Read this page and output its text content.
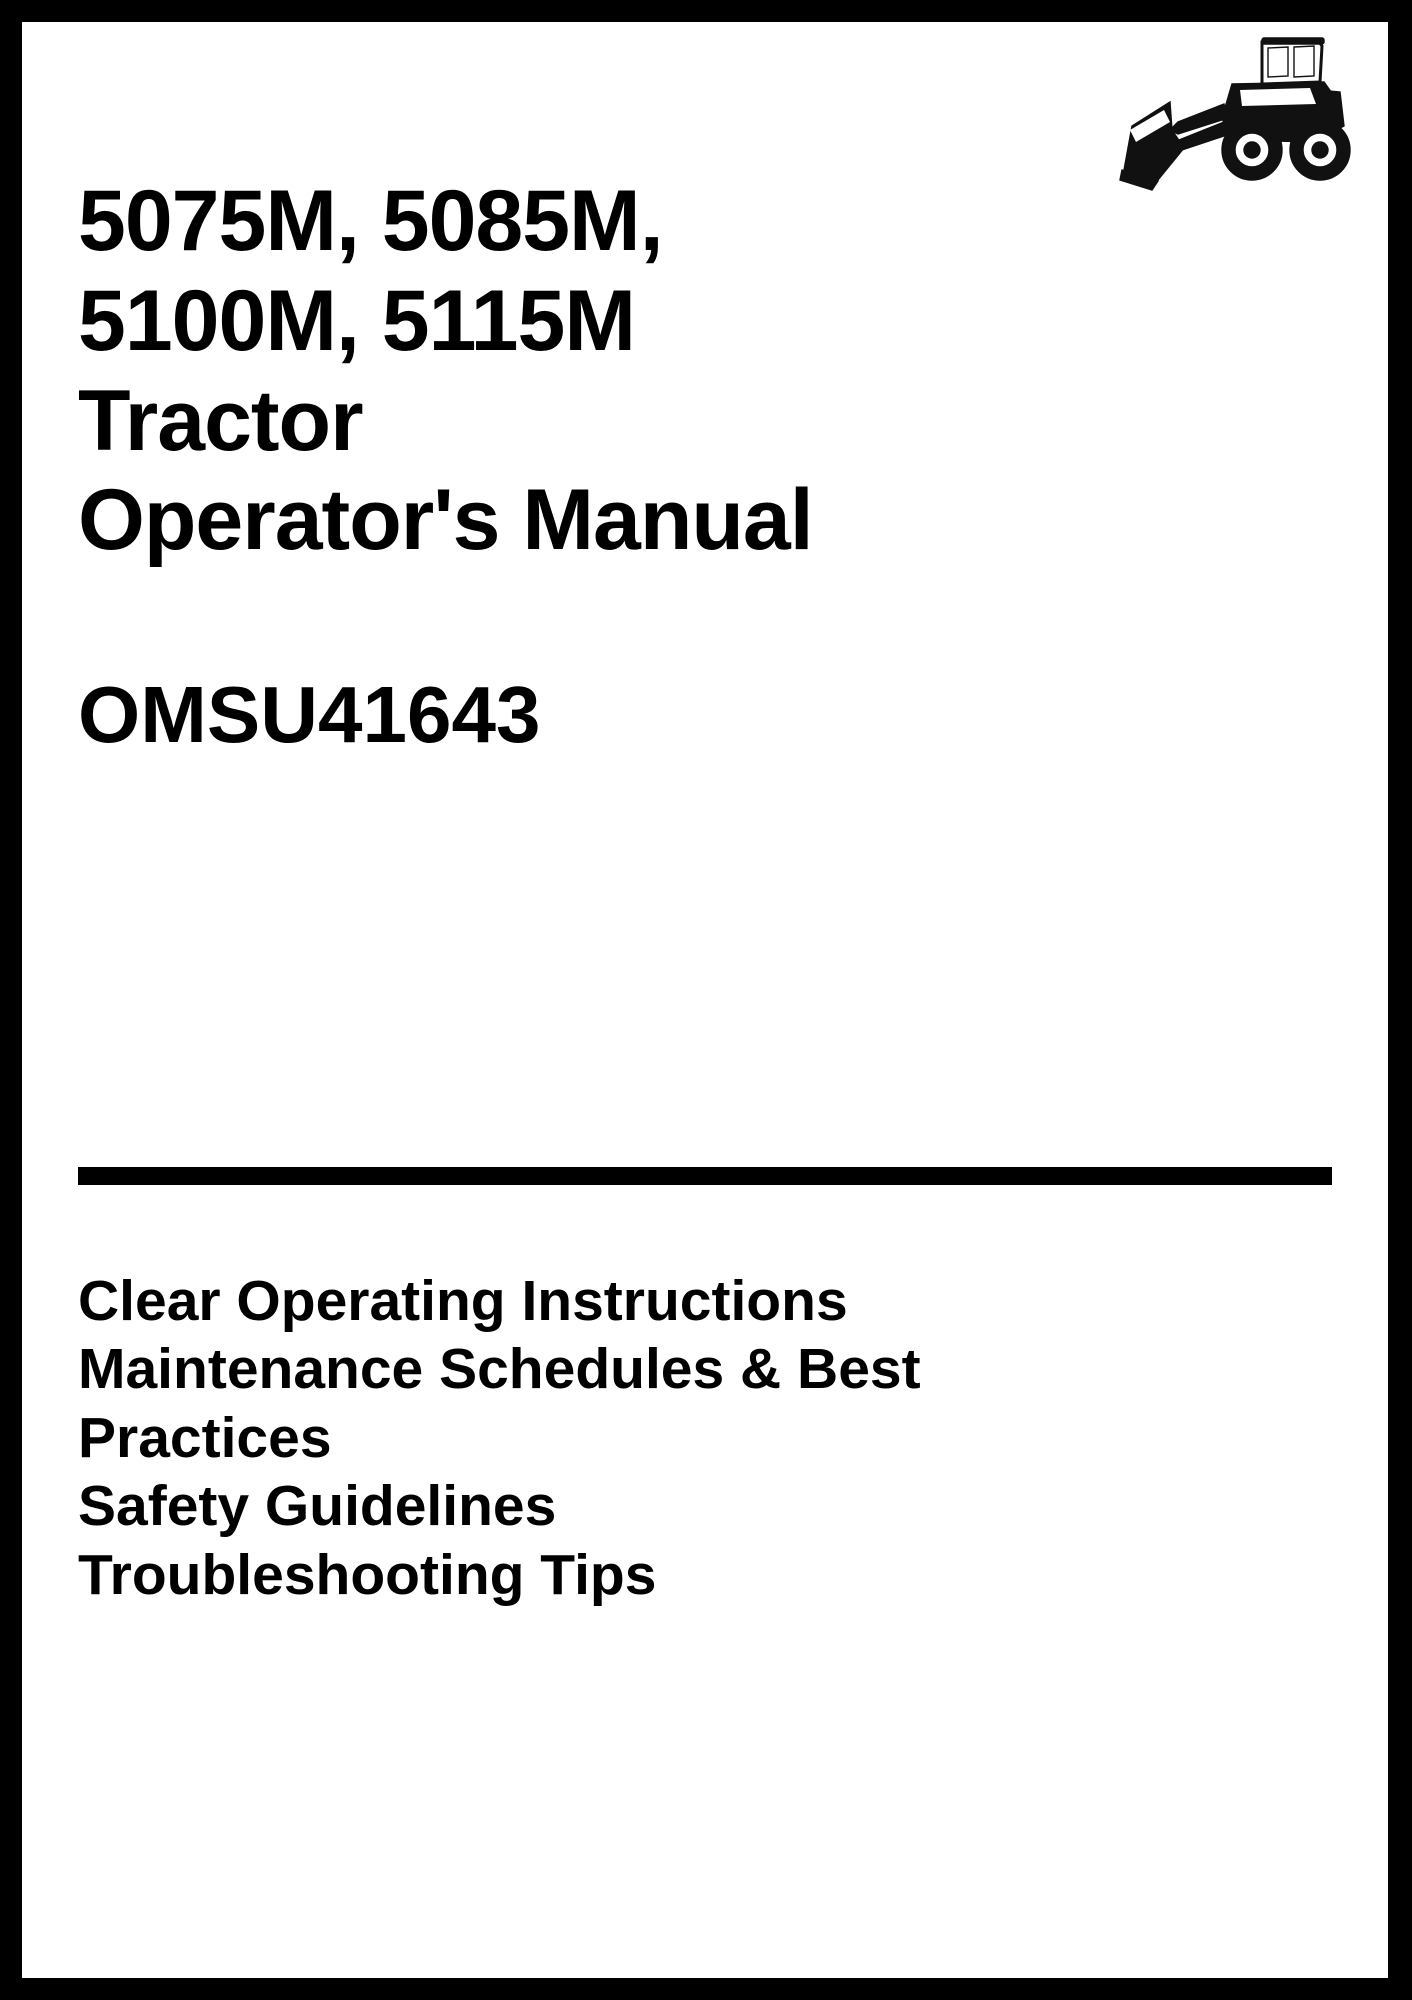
5075M, 5085M,
5100M, 5115M
Tractor
Operator's Manual
OMSU41643
Clear Operating Instructions
Maintenance Schedules & Best
Practices
Safety Guidelines
Troubleshooting Tips
